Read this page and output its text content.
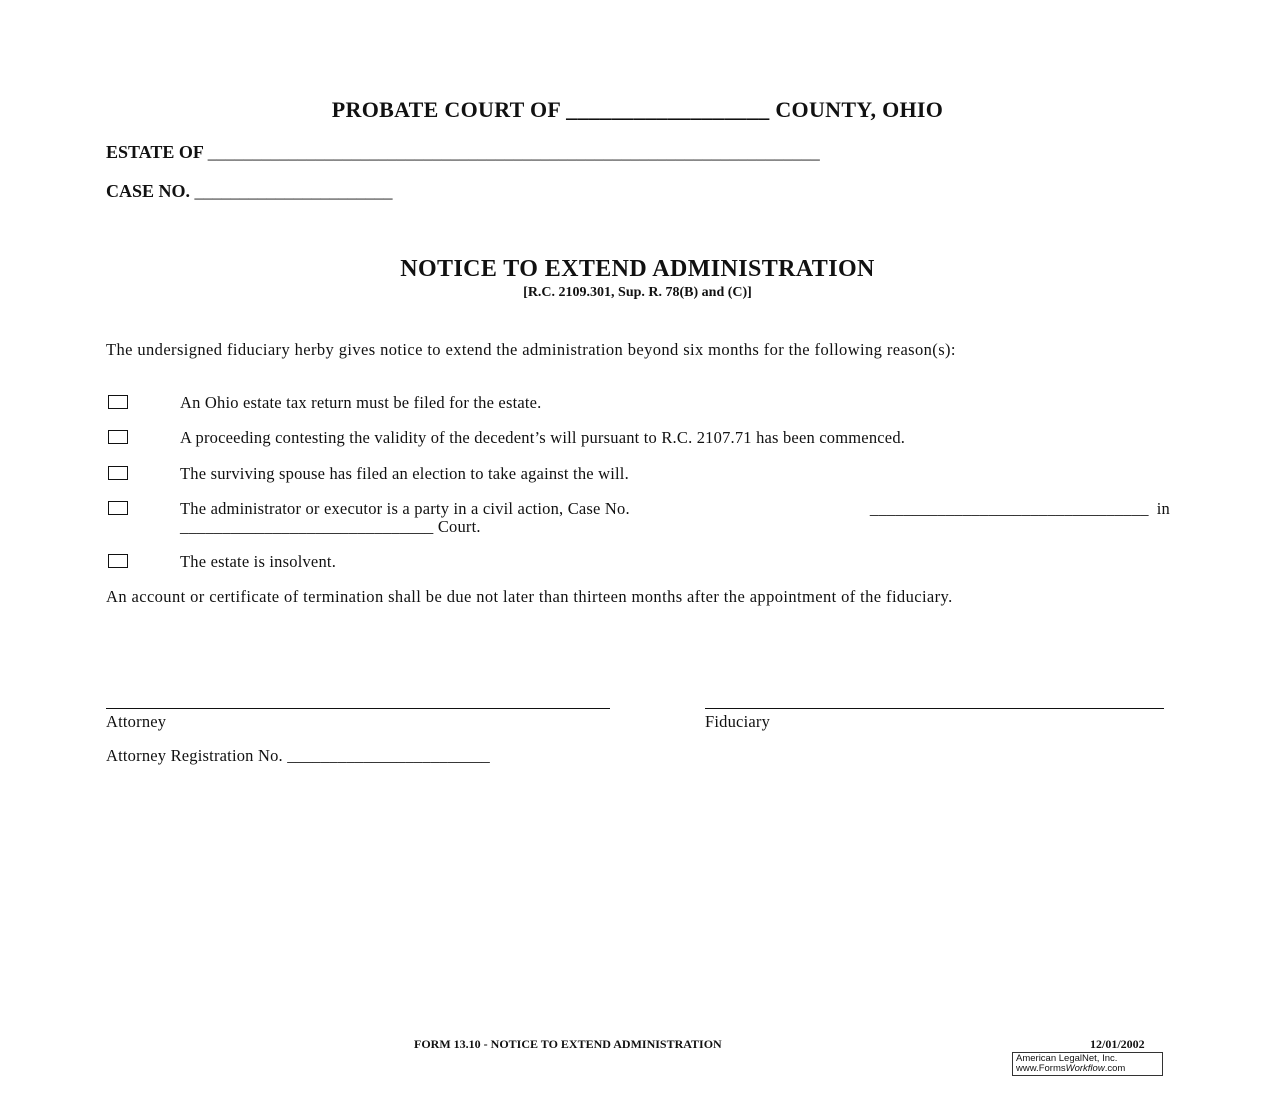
PROBATE COURT OF __________________ COUNTY, OHIO
ESTATE OF ____________________________________________________________________
CASE NO. ______________________
NOTICE TO EXTEND ADMINISTRATION
[R.C. 2109.301, Sup. R. 78(B) and (C)]
The undersigned fiduciary herby gives notice to extend the administration beyond six months for the following reason(s):
An Ohio estate tax return must be filed for the estate.
A proceeding contesting the validity of the decedent’s will pursuant to R.C. 2107.71 has been commenced.
The surviving spouse has filed an election to take against the will.
The administrator or executor is a party in a civil action, Case No.	_________________________________ in
______________________________ Court.
The estate is insolvent.
An account or certificate of termination shall be due not later than thirteen months after the appointment of the fiduciary.
Attorney	Fiduciary
Attorney Registration No. ________________________
FORM 13.10 - NOTICE TO EXTEND ADMINISTRATION	12/01/2002
American LegalNet, Inc.
www.FormsWorkflow.com
